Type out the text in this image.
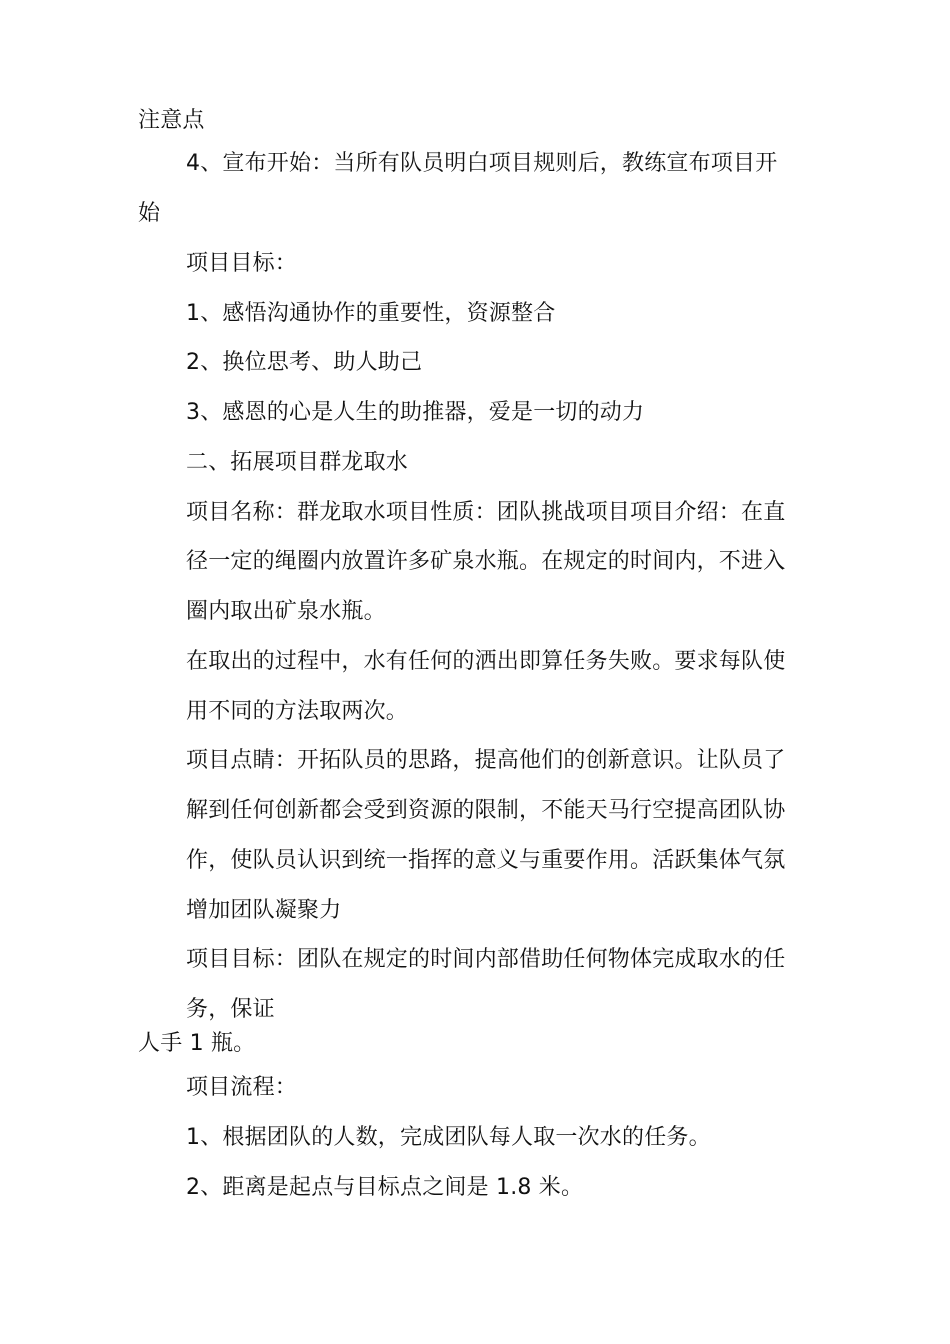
注意点
4、宣布开始：当所有队员明白项目规则后，教练宣布项目开
始
项目目标：
1、感悟沟通协作的重要性，资源整合
2、换位思考、助人助己
3、感恩的心是人生的助推器，爱是一切的动力
二、拓展项目群龙取水
项目名称：群龙取水项目性质：团队挑战项目项目介绍：在直
径一定的绳圈内放置许多矿泉水瓶。在规定的时间内，不进入
圈内取出矿泉水瓶。
在取出的过程中，水有任何的洒出即算任务失败。要求每队使
用不同的方法取两次。
项目点睛：开拓队员的思路，提高他们的创新意识。让队员了
解到任何创新都会受到资源的限制，不能天马行空提高团队协
作，使队员认识到统一指挥的意义与重要作用。活跃集体气氛
增加团队凝聚力
项目目标：团队在规定的时间内部借助任何物体完成取水的任
务，保证
人手 1 瓶。
项目流程：
1、根据团队的人数，完成团队每人取一次水的任务。
2、距离是起点与目标点之间是 1.8 米。
